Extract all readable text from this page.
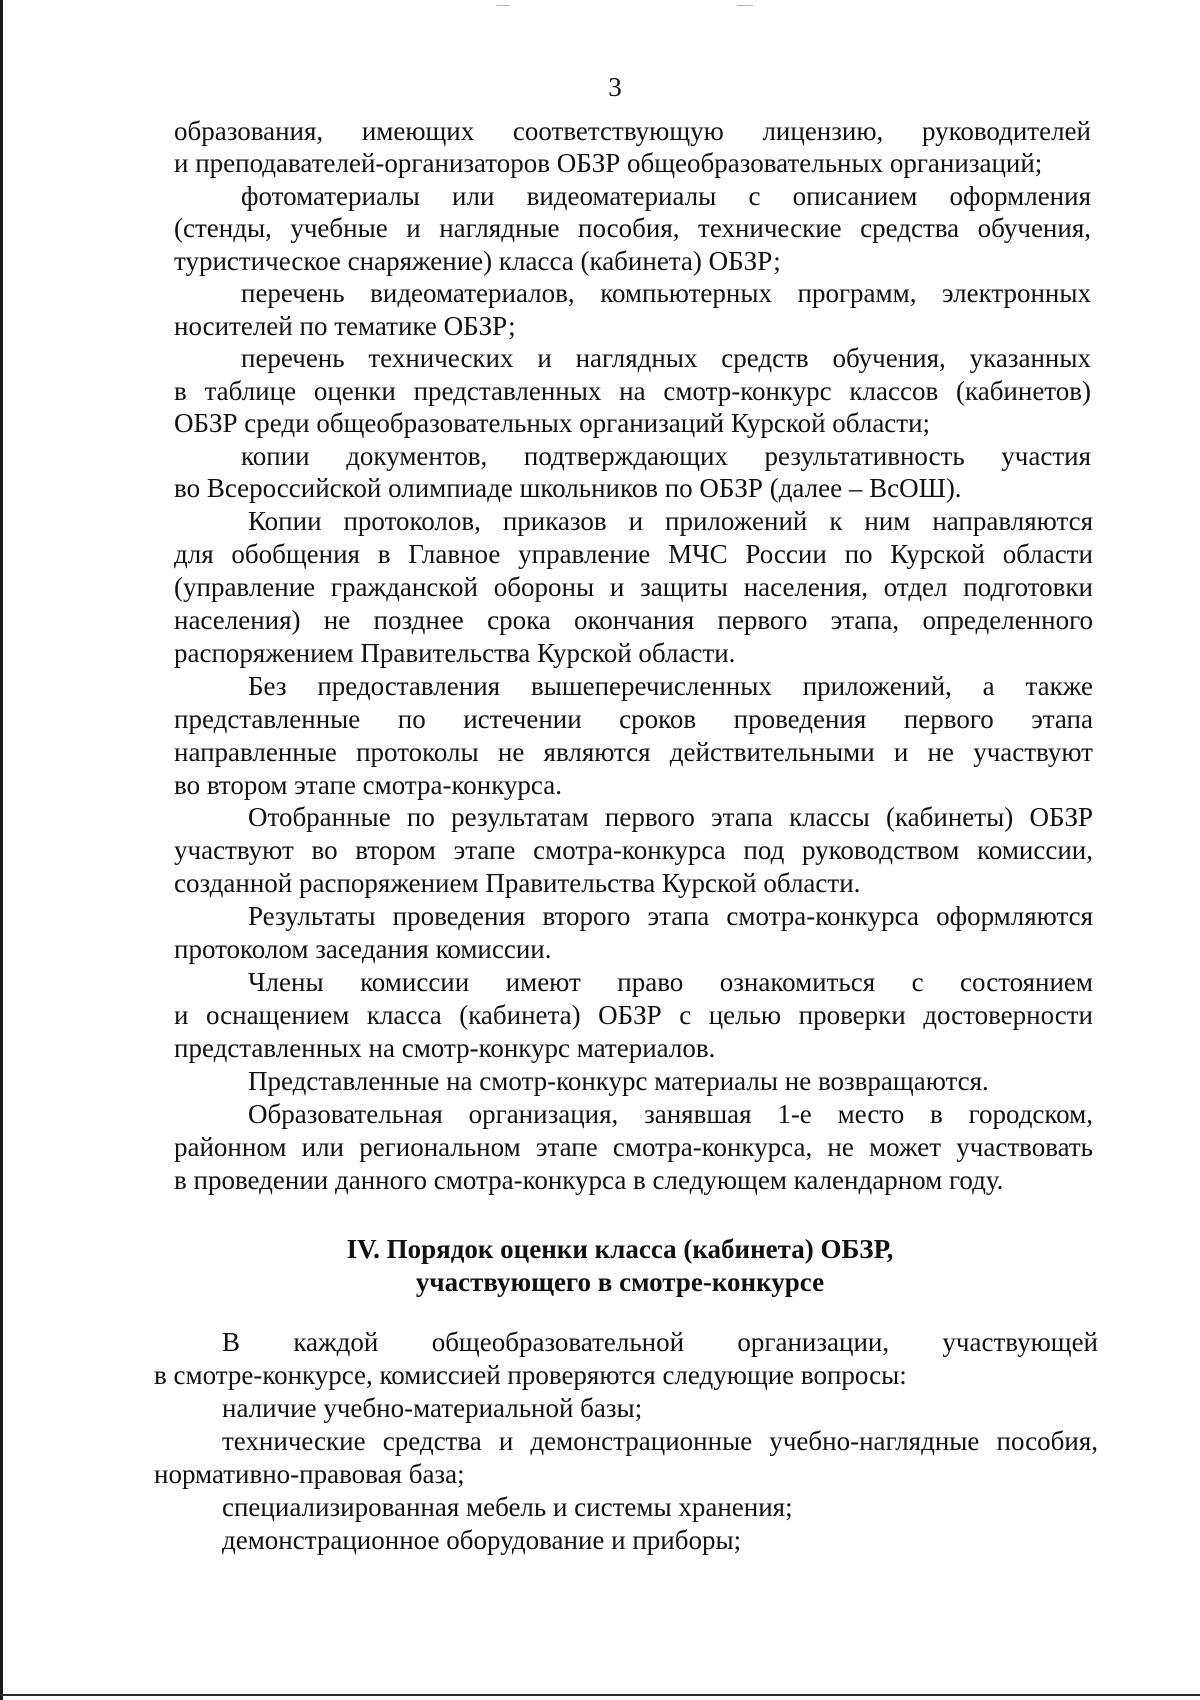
3
образования, имеющих соответствующую лицензию, руководителей
и преподавателей-организаторов ОБЗР общеобразовательных организаций;
фотоматериалы или видеоматериалы с описанием оформления
(стенды, учебные и наглядные пособия, технические средства обучения,
туристическое снаряжение) класса (кабинета) ОБЗР;
перечень видеоматериалов, компьютерных программ, электронных
носителей по тематике ОБЗР;
перечень технических и наглядных средств обучения, указанных
в таблице оценки представленных на смотр-конкурс классов (кабинетов)
ОБЗР среди общеобразовательных организаций Курской области;
копии документов, подтверждающих результативность участия
во Всероссийской олимпиаде школьников по ОБЗР (далее – ВсОШ).
Копии протоколов, приказов и приложений к ним направляются
для обобщения в Главное управление МЧС России по Курской области
(управление гражданской обороны и защиты населения, отдел подготовки
населения) не позднее срока окончания первого этапа, определенного
распоряжением Правительства Курской области.
Без предоставления вышеперечисленных приложений, а также
представленные по истечении сроков проведения первого этапа
направленные протоколы не являются действительными и не участвуют
во втором этапе смотра-конкурса.
Отобранные по результатам первого этапа классы (кабинеты) ОБЗР
участвуют во втором этапе смотра-конкурса под руководством комиссии,
созданной распоряжением Правительства Курской области.
Результаты проведения второго этапа смотра-конкурса оформляются
протоколом заседания комиссии.
Члены комиссии имеют право ознакомиться с состоянием
и оснащением класса (кабинета) ОБЗР с целью проверки достоверности
представленных на смотр-конкурс материалов.
Представленные на смотр-конкурс материалы не возвращаются.
Образовательная организация, занявшая 1-е место в городском,
районном или региональном этапе смотра-конкурса, не может участвовать
в проведении данного смотра-конкурса в следующем календарном году.
IV. Порядок оценки класса (кабинета) ОБЗР,
участвующего в смотре-конкурсе
В каждой общеобразовательной организации, участвующей
в смотре-конкурсе, комиссией проверяются следующие вопросы:
наличие учебно-материальной базы;
технические средства и демонстрационные учебно-наглядные пособия,
нормативно-правовая база;
специализированная мебель и системы хранения;
демонстрационное оборудование и приборы;
